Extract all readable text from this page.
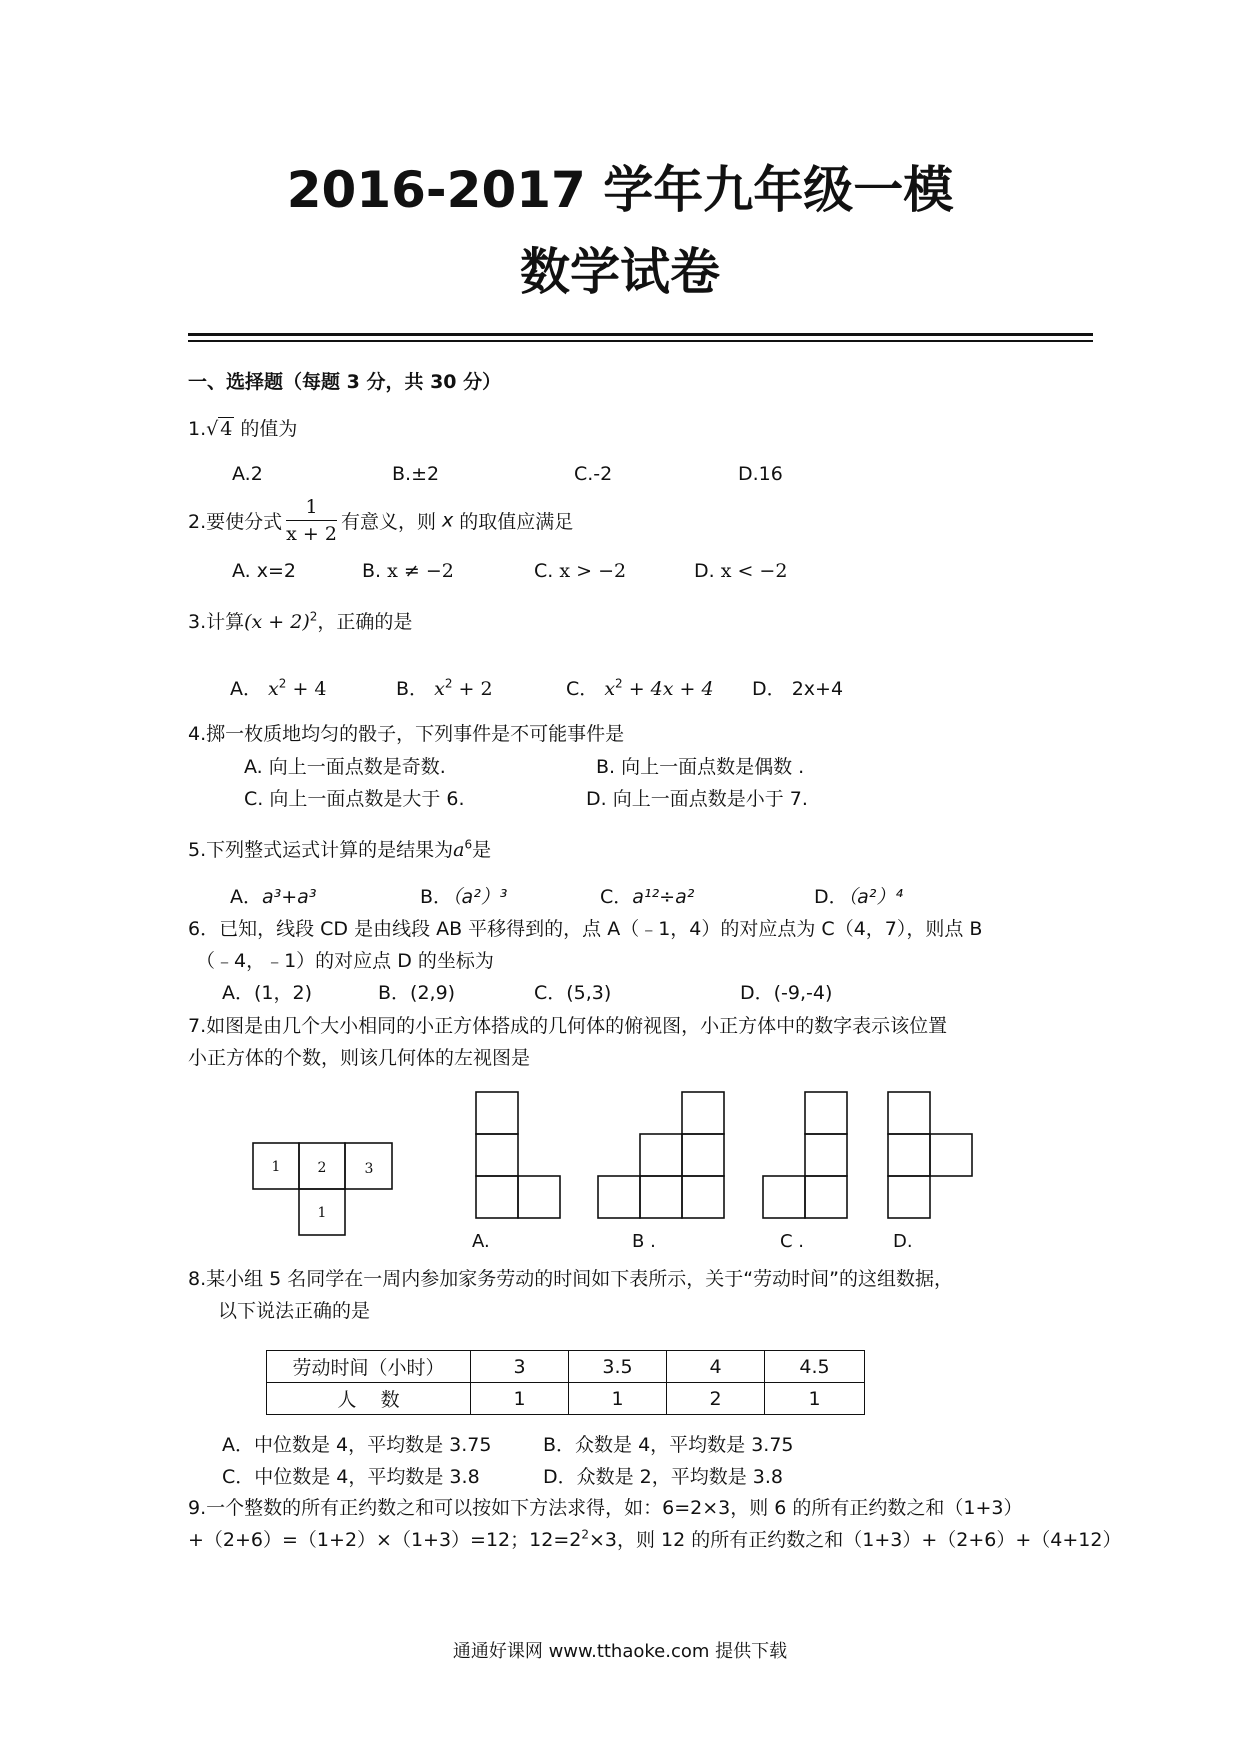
2016-2017 学年九年级一模
数学试卷
一、选择题（每题 3 分，共 30 分）
1.√ 4 的值为
A.2	B.±2	C.-2	D.16
2.要使分式 $\frac{1}{x + 2}$ 有意义，则 x 的取值应满足
A. x=2	B. x ≠ −2	C. x > −2	D. x < −2
3.计算$(x + 2)^2$，正确的是
A． $x^2 + 4$	B． $x^2 + 2$	C． $x^2 + 4x + 4$ D． 2x+4
4.掷一枚质地均匀的骰子，下列事件是不可能事件是
A. 向上一面点数是奇数.	B. 向上一面点数是偶数 .
C. 向上一面点数是大于 6.	D. 向上一面点数是小于 7.
5.下列整式运式计算的是结果为$a^6$是
A．a³+a³	B．（a²）³	C．a¹²÷a²	D．（a²）⁴
6．已知，线段 CD 是由线段 AB 平移得到的，点 A（﹣1，4）的对应点为 C（4，7），则点 B
（﹣4，﹣1）的对应点 D 的坐标为
A．(1，2)	B．(2,9)	C．(5,3)	D．(-9,-4)
7.如图是由几个大小相同的小正方体搭成的几何体的俯视图，小正方体中的数字表示该位置
小正方体的个数，则该几何体的左视图是
1	2	3
1
A.	B .	C .	D.
8.某小组 5 名同学在一周内参加家务劳动的时间如下表所示，关于“劳动时间”的这组数据，
以下说法正确的是
劳动时间（小时）	3	3.5	4	4.5
人    数	1	1	2	1
A．中位数是 4，平均数是 3.75	B．众数是 4，平均数是 3.75
C．中位数是 4，平均数是 3.8	D．众数是 2，平均数是 3.8
9.一个整数的所有正约数之和可以按如下方法求得，如：6=2×3，则 6 的所有正约数之和（1+3）
+（2+6）=（1+2）×（1+3）=12；$12=2^2\times 3$，则 12 的所有正约数之和（1+3）+（2+6）+（4+12）
通通好课网 www.tthaoke.com 提供下载
